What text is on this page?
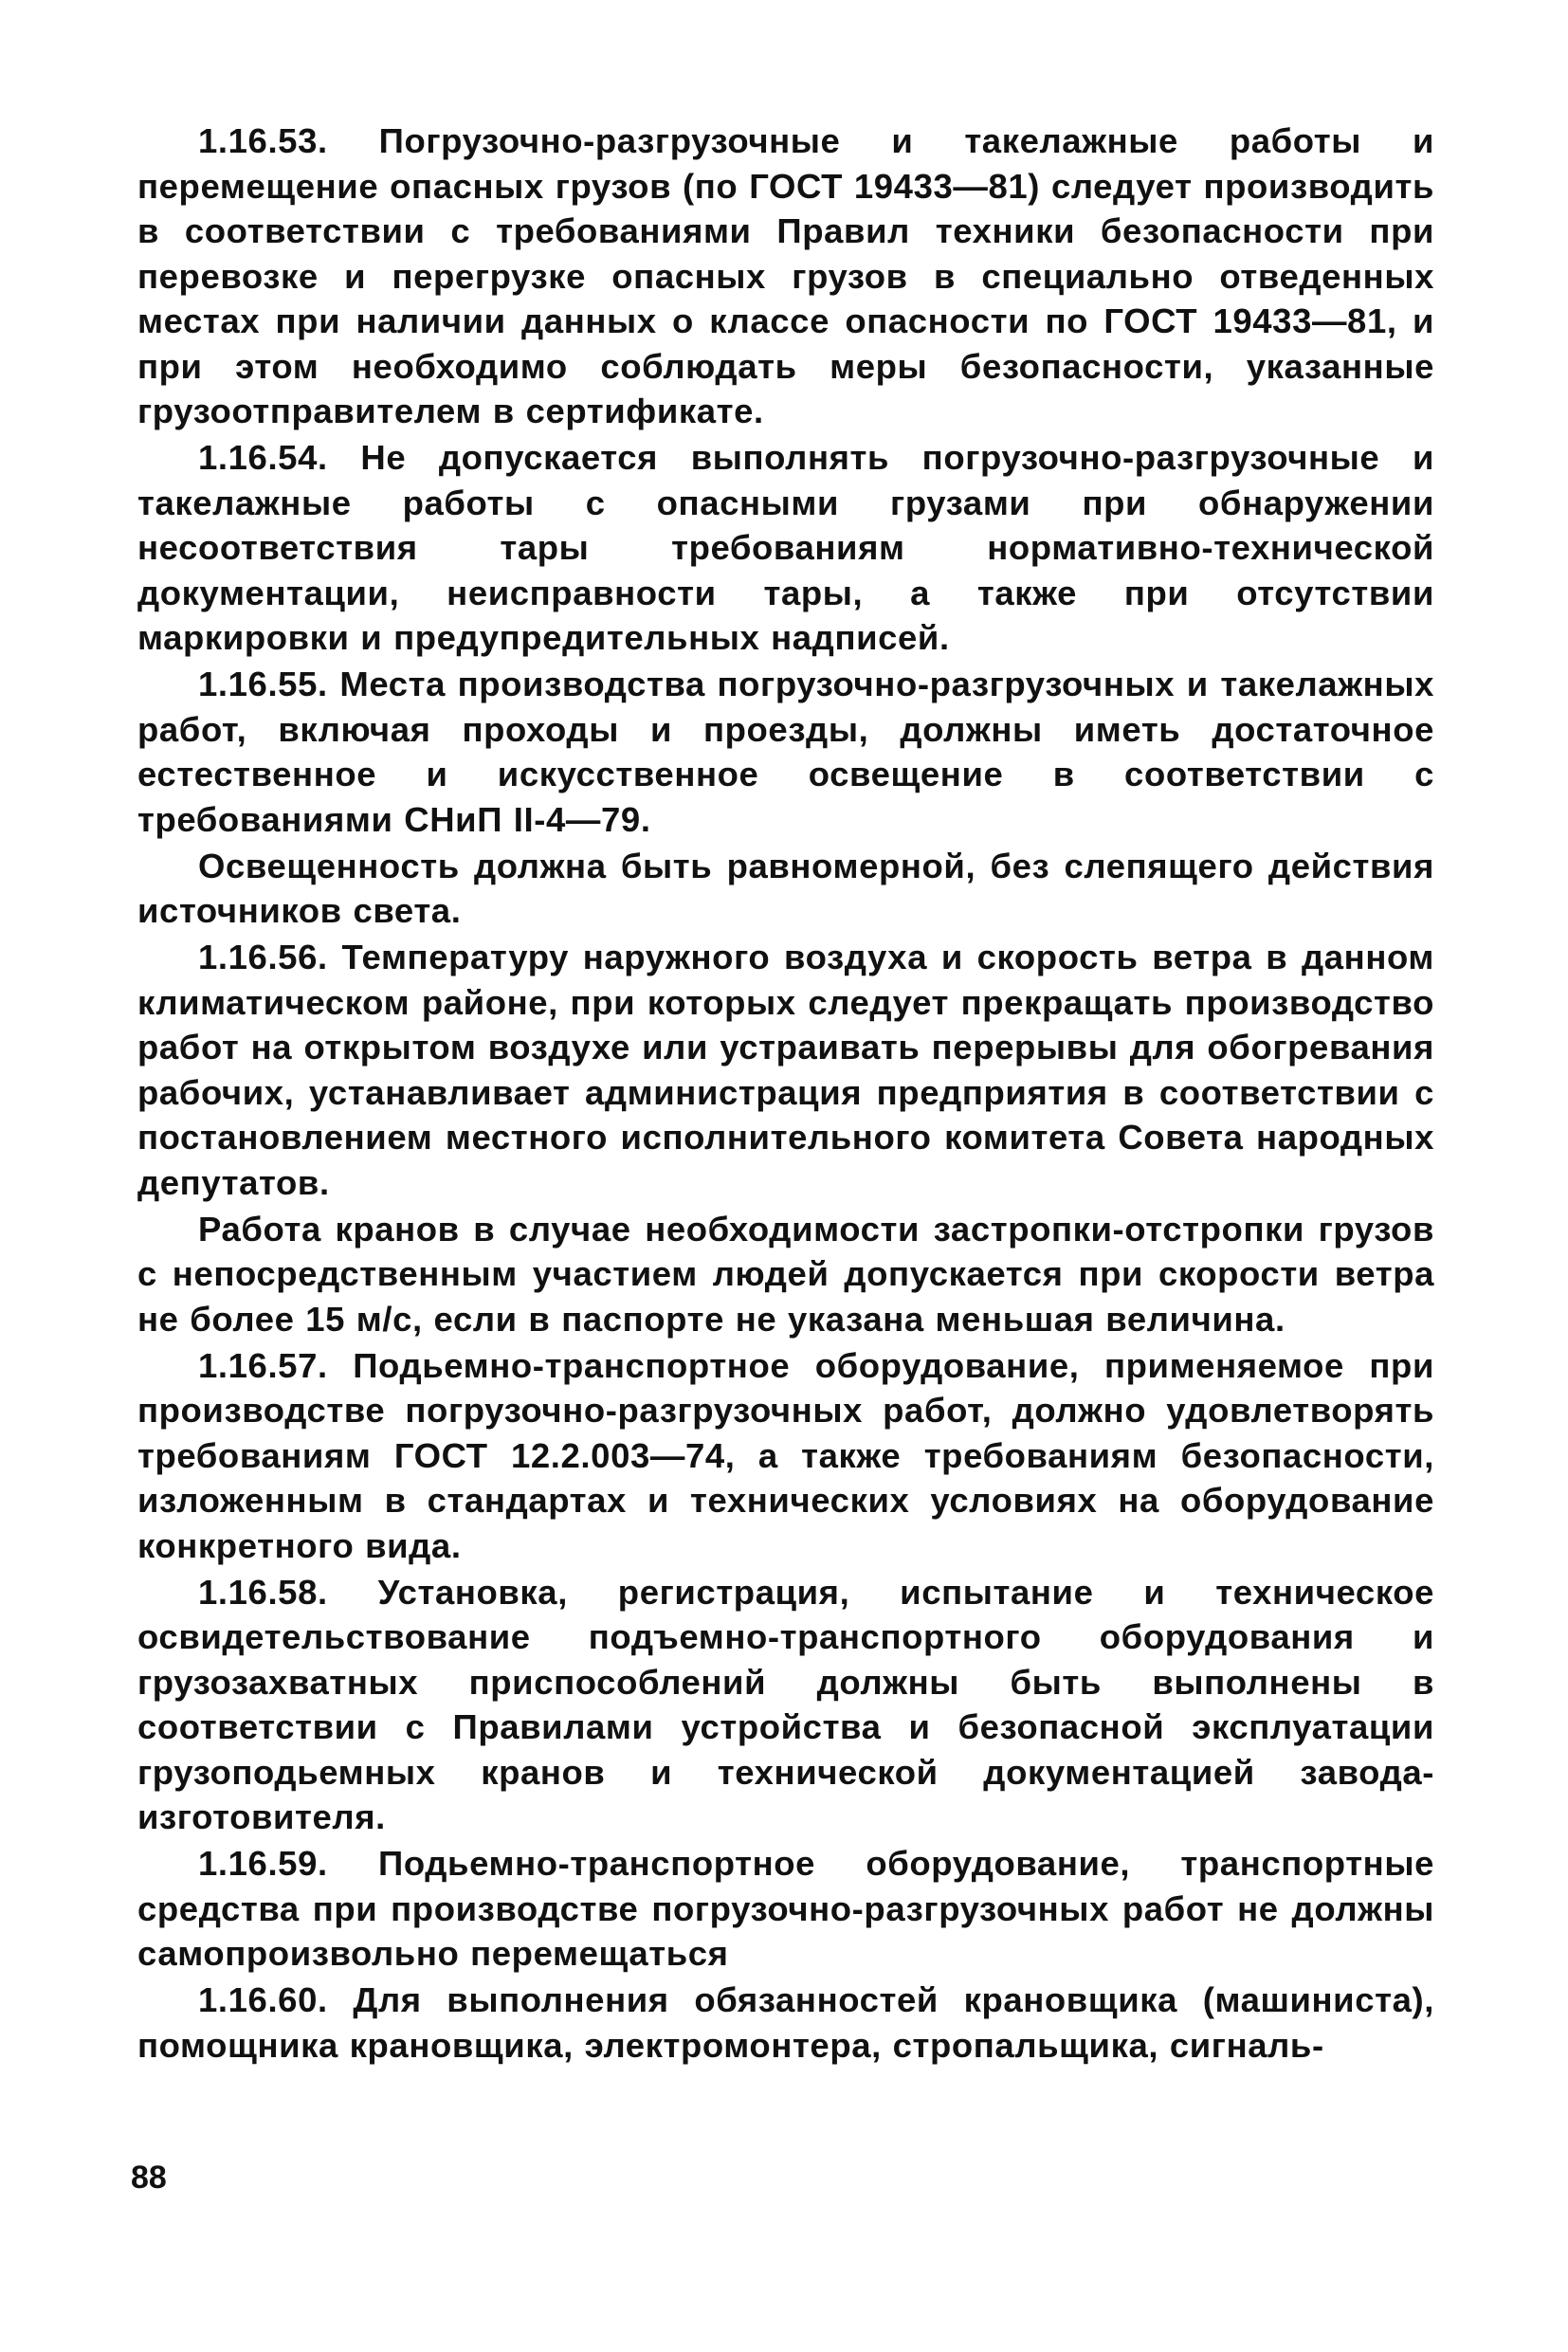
1.16.53. Погрузочно-разгрузочные и такелажные работы и перемещение опасных грузов (по ГОСТ 19433—81) следует производить в соответствии с требованиями Правил техники безопасности при перевозке и перегрузке опасных грузов в специально отведенных местах при наличии данных о классе опасности по ГОСТ 19433—81, и при этом необходимо соблюдать меры безопасности, указанные грузоотправителем в сертификате.

1.16.54. Не допускается выполнять погрузочно-разгрузочные и такелажные работы с опасными грузами при обнаружении несоответствия тары требованиям нормативно-технической документации, неисправности тары, а также при отсутствии маркировки и предупредительных надписей.

1.16.55. Места производства погрузочно-разгрузочных и такелажных работ, включая проходы и проезды, должны иметь достаточное естественное и искусственное освещение в соответствии с требованиями СНиП II-4—79.

Освещенность должна быть равномерной, без слепящего действия источников света.

1.16.56. Температуру наружного воздуха и скорость ветра в данном климатическом районе, при которых следует прекращать производство работ на открытом воздухе или устраивать перерывы для обогревания рабочих, устанавливает администрация предприятия в соответствии с постановлением местного исполнительного комитета Совета народных депутатов.

Работа кранов в случае необходимости застропки-отстропки грузов с непосредственным участием людей допускается при скорости ветра не более 15 м/с, если в паспорте не указана меньшая величина.

1.16.57. Подьемно-транспортное оборудование, применяемое при производстве погрузочно-разгрузочных работ, должно удовлетворять требованиям ГОСТ 12.2.003—74, а также требованиям безопасности, изложенным в стандартах и технических условиях на оборудование конкретного вида.

1.16.58. Установка, регистрация, испытание и техническое освидетельствование подъемно-транспортного оборудования и грузозахватных приспособлений должны быть выполнены в соответствии с Правилами устройства и безопасной эксплуатации грузоподьемных кранов и технической документацией завода-изготовителя.

1.16.59. Подьемно-транспортное оборудование, транспортные средства при производстве погрузочно-разгрузочных работ не должны самопроизвольно перемещаться

1.16.60. Для выполнения обязанностей крановщика (машиниста), помощника крановщика, электромонтера, стропальщика, сигналь-

88
